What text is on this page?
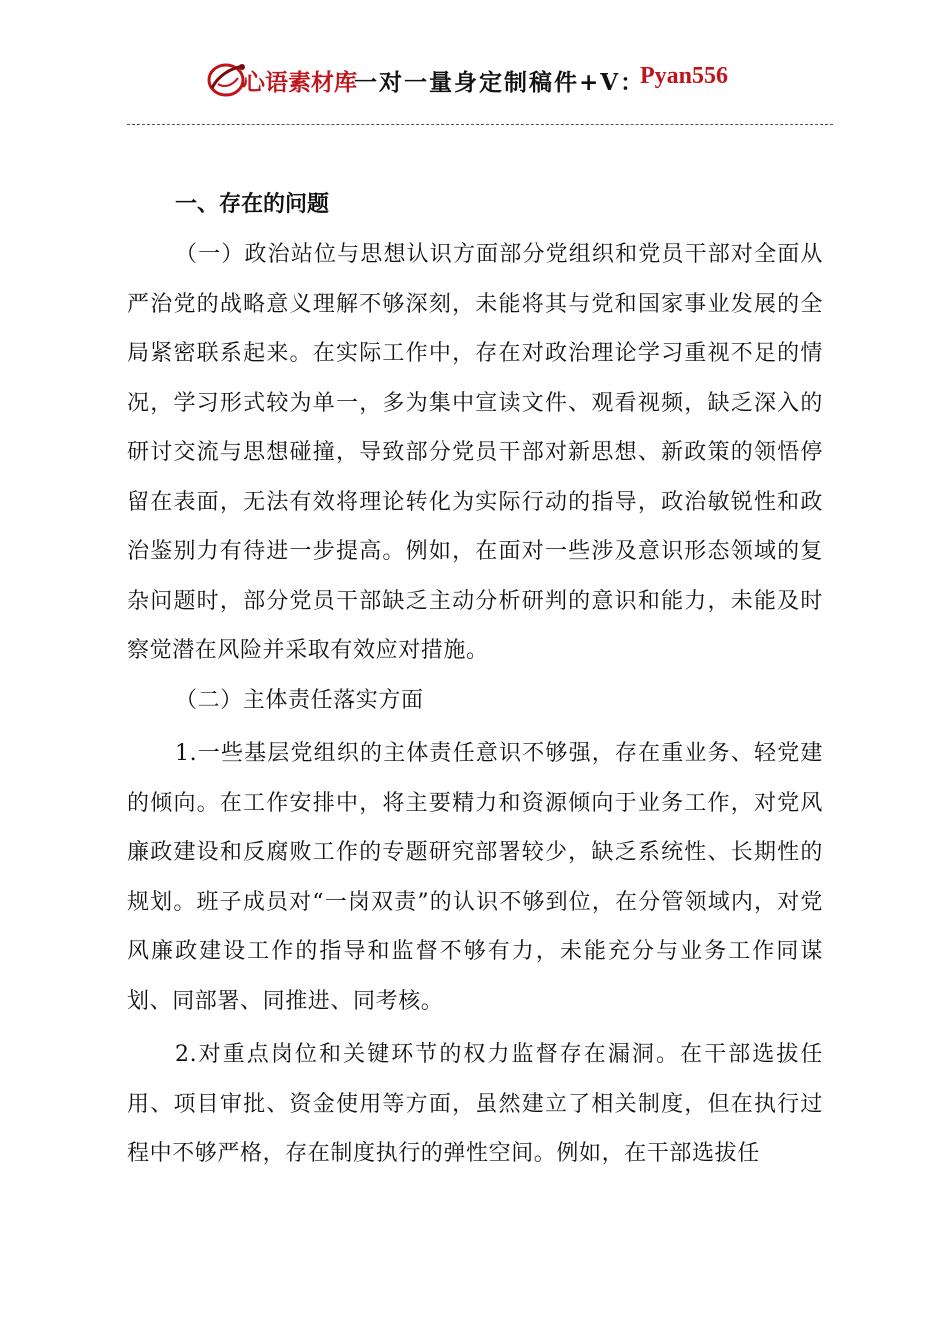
心语素材库
一对一量身定制稿件+V：
Pyan556
一、存在的问题

（一）政治站位与思想认识方面部分党组织和党员干部对全面从严治党的战略意义理解不够深刻，未能将其与党和国家事业发展的全局紧密联系起来。在实际工作中，存在对政治理论学习重视不足的情况，学习形式较为单一，多为集中宣读文件、观看视频，缺乏深入的研讨交流与思想碰撞，导致部分党员干部对新思想、新政策的领悟停留在表面，无法有效将理论转化为实际行动的指导，政治敏锐性和政治鉴别力有待进一步提高。例如，在面对一些涉及意识形态领域的复杂问题时，部分党员干部缺乏主动分析研判的意识和能力，未能及时察觉潜在风险并采取有效应对措施。

（二）主体责任落实方面

1.一些基层党组织的主体责任意识不够强，存在重业务、轻党建的倾向。在工作安排中，将主要精力和资源倾向于业务工作，对党风廉政建设和反腐败工作的专题研究部署较少，缺乏系统性、长期性的规划。班子成员对“一岗双责”的认识不够到位，在分管领域内，对党风廉政建设工作的指导和监督不够有力，未能充分与业务工作同谋划、同部署、同推进、同考核。

2.对重点岗位和关键环节的权力监督存在漏洞。在干部选拔任用、项目审批、资金使用等方面，虽然建立了相关制度，但在执行过程中不够严格，存在制度执行的弹性空间。例如，在干部选拔任
